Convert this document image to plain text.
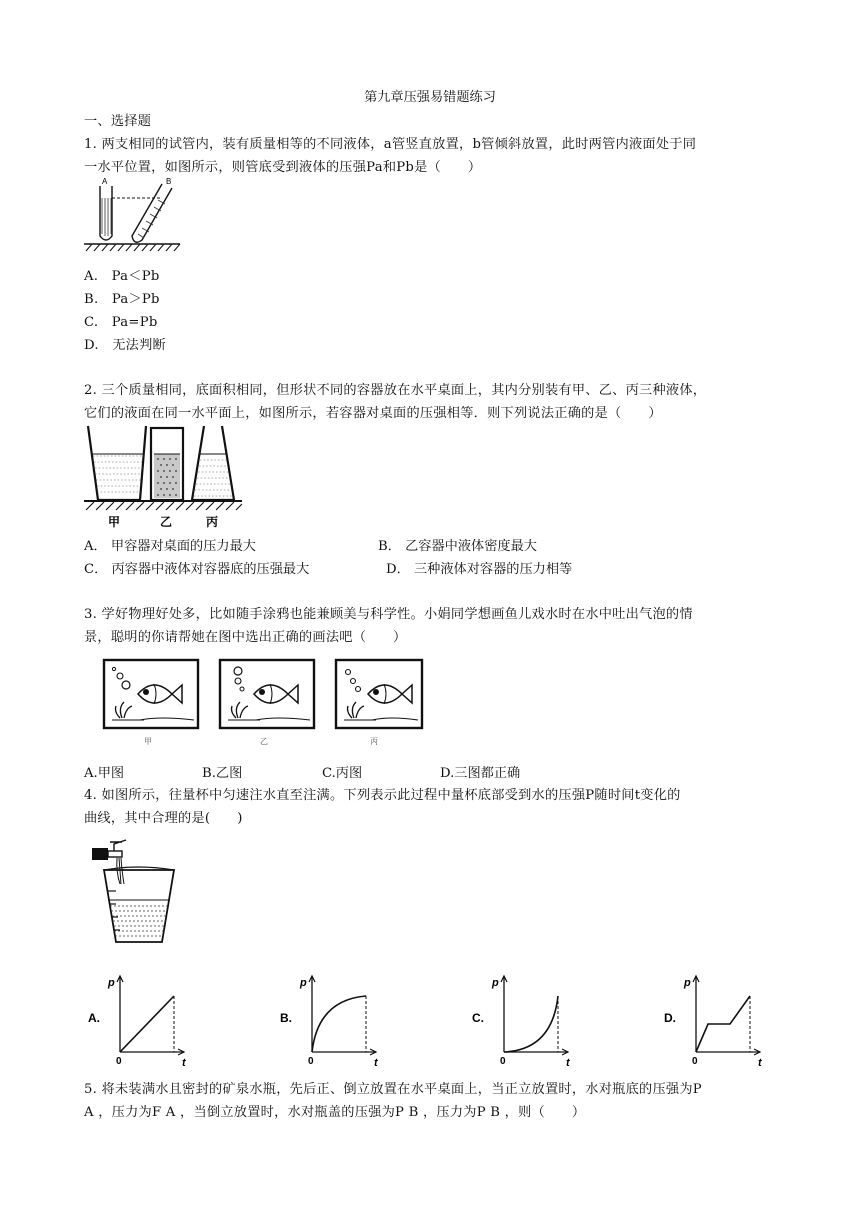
第九章压强易错题练习
一、选择题
1. 两支相同的试管内，装有质量相等的不同液体，a管竖直放置，b管倾斜放置，此时两管内液面处于同
一水平位置，如图所示，则管底受到液体的压强Pa和Pb是（　　）
A	B
A.　Pa＜Pb
B.　Pa＞Pb
C.　Pa=Pb
D.　无法判断
2. 三个质量相同，底面积相同，但形状不同的容器放在水平桌面上，其内分别装有甲、乙、丙三种液体，
它们的液面在同一水平面上，如图所示，若容器对桌面的压强相等．则下列说法正确的是（　　）
甲	乙	丙
A． 甲容器对桌面的压力最大	B． 乙容器中液体密度最大
C． 丙容器中液体对容器底的压强最大	D． 三种液体对容器的压力相等
3. 学好物理好处多，比如随手涂鸦也能兼顾美与科学性。小娟同学想画鱼儿戏水时在水中吐出气泡的情
景，聪明的你请帮她在图中选出正确的画法吧（　　）
甲	乙	丙
A.甲图	B.乙图	C.丙图	D.三图都正确
4. 如图所示，往量杯中匀速注水直至注满。下列表示此过程中量杯底部受到水的压强P随时间t变化的
曲线，其中合理的是(　　)
A.
p
t
0
B.
p
t
0
C.
p
t
0
D.
p
t
0
5. 将未装满水且密封的矿泉水瓶，先后正、倒立放置在水平桌面上，当正立放置时，水对瓶底的压强为P
A ，压力为F A ，当倒立放置时，水对瓶盖的压强为P B ，压力为P B ，则（　　）
